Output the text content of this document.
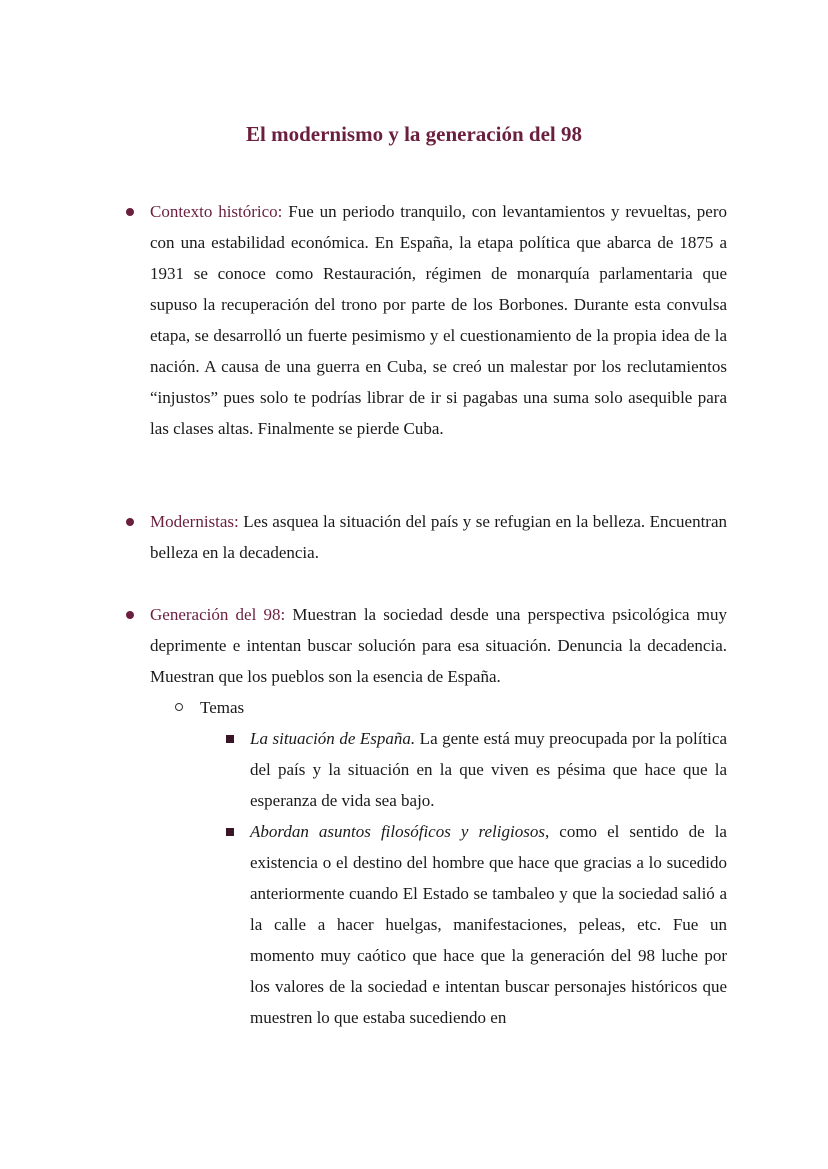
El modernismo y la generación del 98
Contexto histórico: Fue un periodo tranquilo, con levantamientos y revueltas, pero con una estabilidad económica. En España, la etapa política que abarca de 1875 a 1931 se conoce como Restauración, régimen de monarquía parlamentaria que supuso la recuperación del trono por parte de los Borbones. Durante esta convulsa etapa, se desarrolló un fuerte pesimismo y el cuestionamiento de la propia idea de la nación. A causa de una guerra en Cuba, se creó un malestar por los reclutamientos “injustos” pues solo te podrías librar de ir si pagabas una suma solo asequible para las clases altas. Finalmente se pierde Cuba.
Modernistas: Les asquea la situación del país y se refugian en la belleza. Encuentran belleza en la decadencia.
Generación del 98: Muestran la sociedad desde una perspectiva psicológica muy deprimente e intentan buscar solución para esa situación. Denuncia la decadencia. Muestran que los pueblos son la esencia de España.
Temas
La situación de España. La gente está muy preocupada por la política del país y la situación en la que viven es pésima que hace que la esperanza de vida sea bajo.
Abordan asuntos filosóficos y religiosos, como el sentido de la existencia o el destino del hombre que hace que gracias a lo sucedido anteriormente cuando El Estado se tambaleo y que la sociedad salió a la calle a hacer huelgas, manifestaciones, peleas, etc. Fue un momento muy caótico que hace que la generación del 98 luche por los valores de la sociedad e intentan buscar personajes históricos que muestren lo que estaba sucediendo en
